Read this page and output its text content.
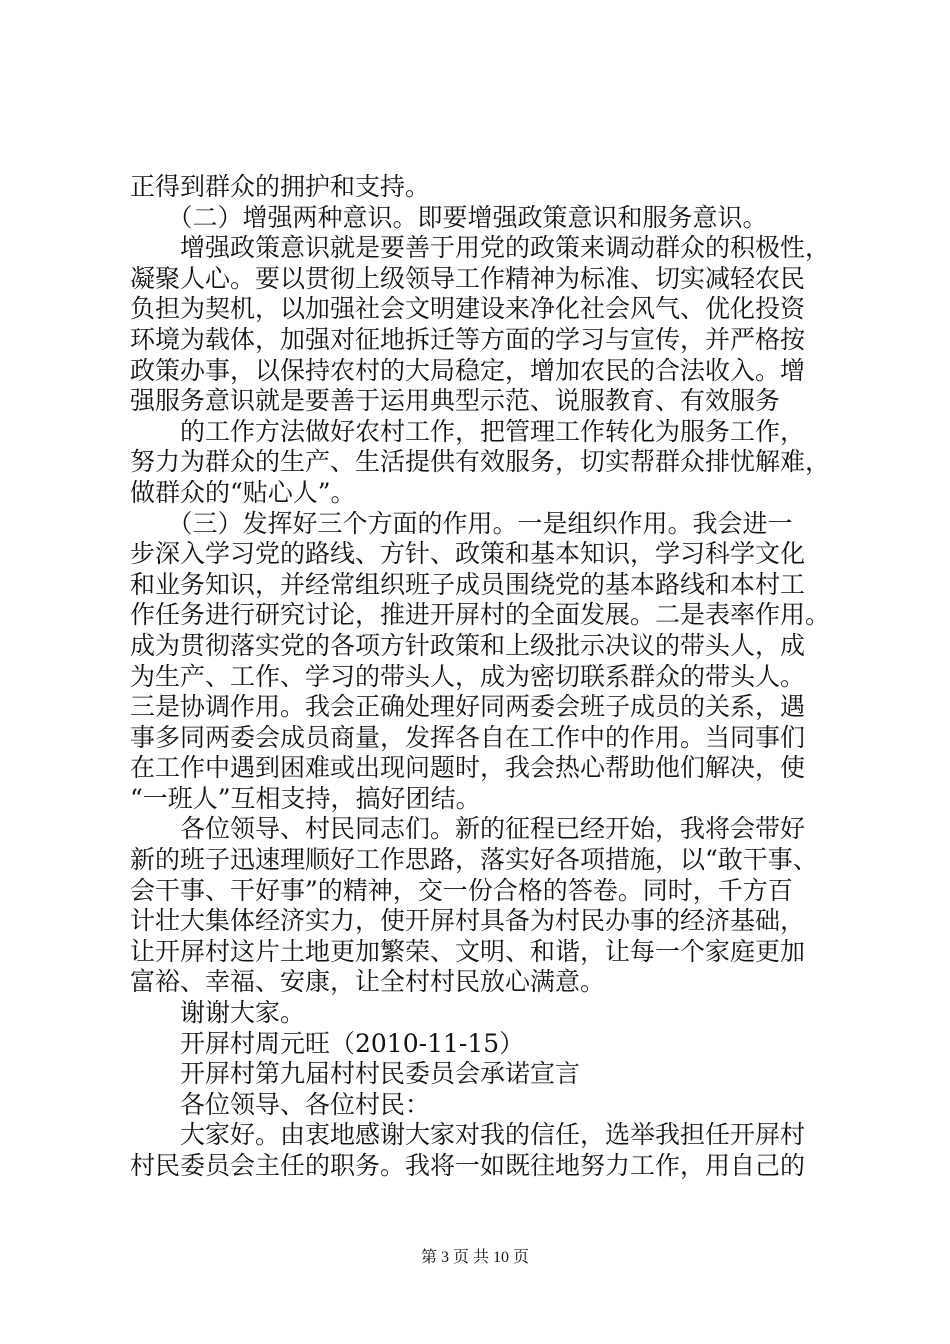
正得到群众的拥护和支持。
　　（二）增强两种意识。即要增强政策意识和服务意识。
　　增强政策意识就是要善于用党的政策来调动群众的积极性，
凝聚人心。要以贯彻上级领导工作精神为标准、切实减轻农民
负担为契机，以加强社会文明建设来净化社会风气、优化投资
环境为载体，加强对征地拆迁等方面的学习与宣传，并严格按
政策办事，以保持农村的大局稳定，增加农民的合法收入。增
强服务意识就是要善于运用典型示范、说服教育、有效服务
　　的工作方法做好农村工作，把管理工作转化为服务工作，
努力为群众的生产、生活提供有效服务，切实帮群众排忧解难，
做群众的“贴心人”。
　　（三）发挥好三个方面的作用。一是组织作用。我会进一
步深入学习党的路线、方针、政策和基本知识，学习科学文化
和业务知识，并经常组织班子成员围绕党的基本路线和本村工
作任务进行研究讨论，推进开屏村的全面发展。二是表率作用。
成为贯彻落实党的各项方针政策和上级批示决议的带头人，成
为生产、工作、学习的带头人，成为密切联系群众的带头人。
三是协调作用。我会正确处理好同两委会班子成员的关系，遇
事多同两委会成员商量，发挥各自在工作中的作用。当同事们
在工作中遇到困难或出现问题时，我会热心帮助他们解决，使
“一班人”互相支持，搞好团结。
　　各位领导、村民同志们。新的征程已经开始，我将会带好
新的班子迅速理顺好工作思路，落实好各项措施，以“敢干事、
会干事、干好事”的精神，交一份合格的答卷。同时，千方百
计壮大集体经济实力，使开屏村具备为村民办事的经济基础，
让开屏村这片土地更加繁荣、文明、和谐，让每一个家庭更加
富裕、幸福、安康，让全村村民放心满意。
　　谢谢大家。
　　开屏村周元旺（2010-11-15）
　　开屏村第九届村村民委员会承诺宣言
　　各位领导、各位村民：
　　大家好。由衷地感谢大家对我的信任，选举我担任开屏村
村民委员会主任的职务。我将一如既往地努力工作，用自己的
第 3 页 共 10 页
